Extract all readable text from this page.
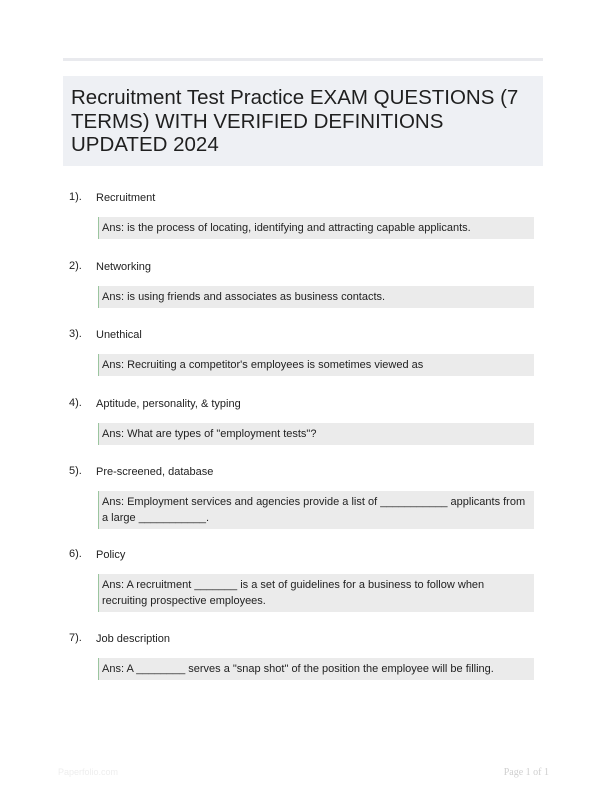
Recruitment Test Practice EXAM QUESTIONS (7 TERMS) WITH VERIFIED DEFINITIONS UPDATED 2024
1). Recruitment
Ans: is the process of locating, identifying and attracting capable applicants.
2). Networking
Ans: is using friends and associates as business contacts.
3). Unethical
Ans: Recruiting a competitor's employees is sometimes viewed as
4). Aptitude, personality, & typing
Ans: What are types of "employment tests"?
5). Pre-screened, database
Ans: Employment services and agencies provide a list of ___________ applicants from a large ___________.
6). Policy
Ans: A recruitment _______ is a set of guidelines for a business to follow when recruiting prospective employees.
7). Job description
Ans: A ________ serves a "snap shot" of the position the employee will be filling.
Paperfolio.com	Page 1 of 1
